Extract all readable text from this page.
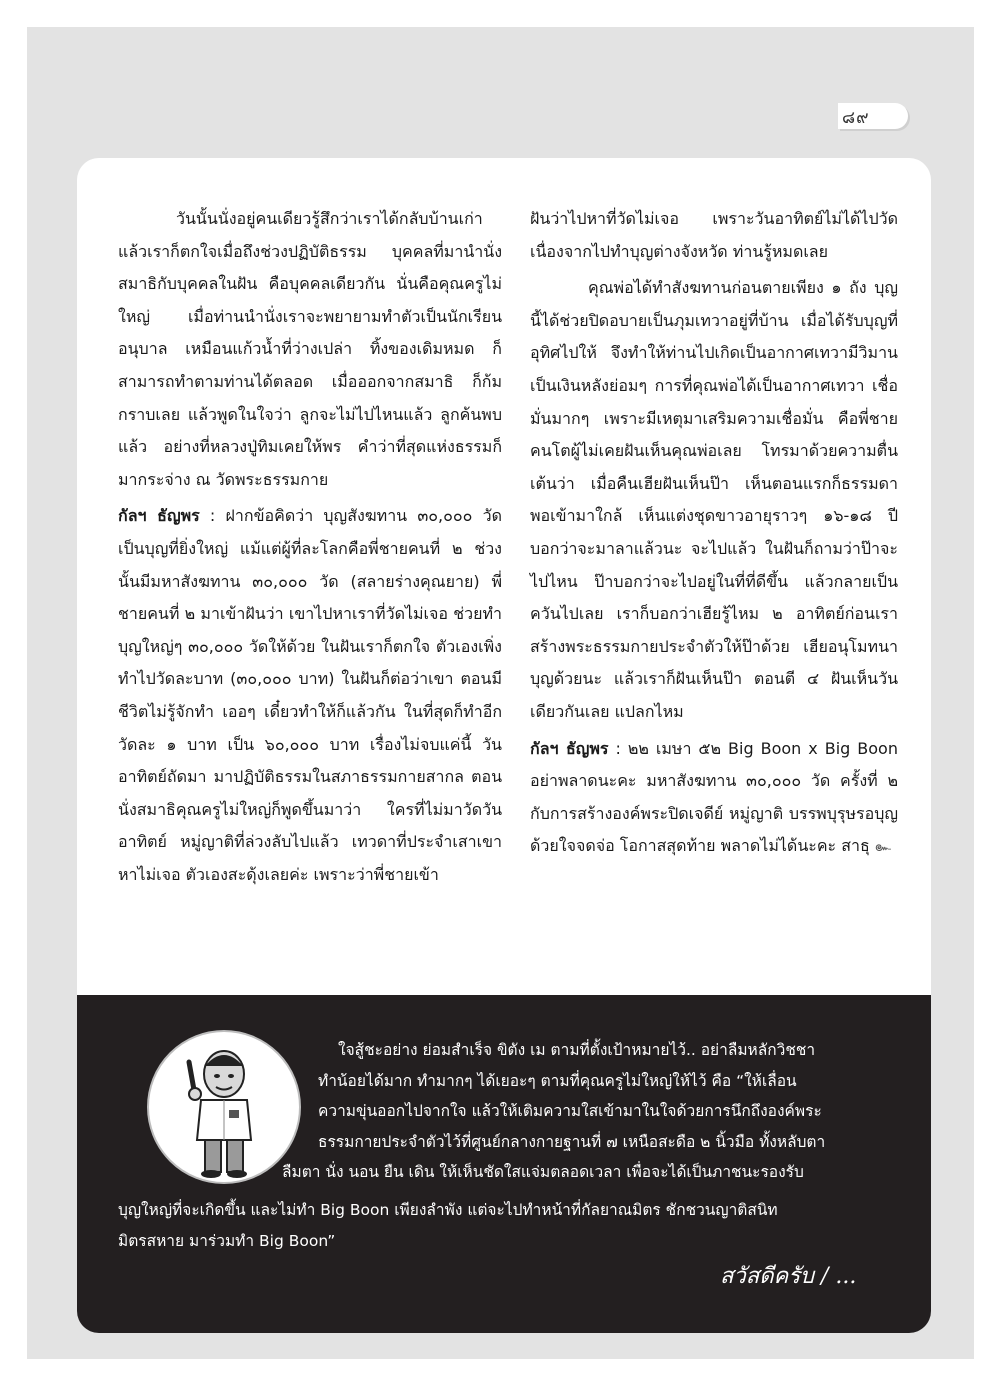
๘๙

วันนั้นนั่งอยู่คนเดียวรู้สึกว่าเราได้กลับบ้านเก่า แล้วเราก็ตกใจเมื่อถึงช่วงปฏิบัติธรรม บุคคลที่มานำนั่งสมาธิกับบุคคลในฝัน คือบุคคลเดียวกัน นั่นคือคุณครูไม่ใหญ่ เมื่อท่านนำนั่งเราจะพยายามทำตัวเป็นนักเรียนอนุบาล เหมือนแก้วน้ำที่ว่างเปล่า ทิ้งของเดิมหมด ก็สามารถทำตามท่านได้ตลอด เมื่อออกจากสมาธิ ก็ก้มกราบเลย แล้วพูดในใจว่า ลูกจะไม่ไปไหนแล้ว ลูกค้นพบแล้ว อย่างที่หลวงปู่ทิมเคยให้พร คำว่าที่สุดแห่งธรรมก็มากระจ่าง ณ วัดพระธรรมกาย

กัลฯ ธัญพร : ฝากข้อคิดว่า บุญสังฆทาน ๓๐,๐๐๐ วัด เป็นบุญที่ยิ่งใหญ่ แม้แต่ผู้ที่ละโลกคือพี่ชายคนที่ ๒ ช่วงนั้นมีมหาสังฆทาน ๓๐,๐๐๐ วัด (สลายร่างคุณยาย) พี่ชายคนที่ ๒ มาเข้าฝันว่า เขาไปหาเราที่วัดไม่เจอ ช่วยทำบุญใหญ่ๆ ๓๐,๐๐๐ วัดให้ด้วย ในฝันเราก็ตกใจ ตัวเองเพิ่งทำไปวัดละบาท (๓๐,๐๐๐ บาท) ในฝันก็ต่อว่าเขา ตอนมีชีวิตไม่รู้จักทำ เออๆ เดี๋ยวทำให้ก็แล้วกัน ในที่สุดก็ทำอีกวัดละ ๑ บาท เป็น ๖๐,๐๐๐ บาท เรื่องไม่จบแค่นี้ วันอาทิตย์ถัดมา มาปฏิบัติธรรมในสภาธรรมกายสากล ตอนนั่งสมาธิคุณครูไม่ใหญ่ก็พูดขึ้นมาว่า ใครที่ไม่มาวัดวันอาทิตย์ หมู่ญาติที่ล่วงลับไปแล้ว เทวดาที่ประจำเสาเขาหาไม่เจอ ตัวเองสะดุ้งเลยค่ะ เพราะว่าพี่ชายเข้า

ฝันว่าไปหาที่วัดไม่เจอ เพราะวันอาทิตย์ไม่ได้ไปวัด เนื่องจากไปทำบุญต่างจังหวัด ท่านรู้หมดเลย

คุณพ่อได้ทำสังฆทานก่อนตายเพียง ๑ ถัง บุญนี้ได้ช่วยปิดอบายเป็นภุมเทวาอยู่ที่บ้าน เมื่อได้รับบุญที่อุทิศไปให้ จึงทำให้ท่านไปเกิดเป็นอากาศเทวามีวิมานเป็นเงินหลังย่อมๆ การที่คุณพ่อได้เป็นอากาศเทวา เชื่อมั่นมากๆ เพราะมีเหตุมาเสริมความเชื่อมั่น คือพี่ชายคนโตผู้ไม่เคยฝันเห็นคุณพ่อเลย โทรมาด้วยความตื่นเต้นว่า เมื่อคืนเฮียฝันเห็นป๊า เห็นตอนแรกก็ธรรมดา พอเข้ามาใกล้ เห็นแต่งชุดขาวอายุราวๆ ๑๖-๑๘ ปี บอกว่าจะมาลาแล้วนะ จะไปแล้ว ในฝันก็ถามว่าป๊าจะไปไหน ป๊าบอกว่าจะไปอยู่ในที่ที่ดีขึ้น แล้วกลายเป็นควันไปเลย เราก็บอกว่าเฮียรู้ไหม ๒ อาทิตย์ก่อนเราสร้างพระธรรมกายประจำตัวให้ป๊าด้วย เฮียอนุโมทนาบุญด้วยนะ แล้วเราก็ฝันเห็นป๊า ตอนตี ๔ ฝันเห็นวันเดียวกันเลย แปลกไหม

กัลฯ ธัญพร : ๒๒ เมษา ๕๒ Big Boon x Big Boon อย่าพลาดนะคะ มหาสังฆทาน ๓๐,๐๐๐ วัด ครั้งที่ ๒ กับการสร้างองค์พระปิดเจดีย์ หมู่ญาติ บรรพบุรุษรอบุญด้วยใจจดจ่อ โอกาสสุดท้าย พลาดไม่ได้นะคะ สาธุ ๛

ใจสู้ชะอย่าง ย่อมสำเร็จ ขิตัง เม ตามที่ตั้งเป้าหมายไว้.. อย่าลืมหลักวิชชา
ทำน้อยได้มาก ทำมากๆ ได้เยอะๆ ตามที่คุณครูไม่ใหญ่ให้ไว้ คือ “ให้เลื่อน
ความขุ่นออกไปจากใจ แล้วให้เติมความใสเข้ามาในใจด้วยการนึกถึงองค์พระ
ธรรมกายประจำตัวไว้ที่ศูนย์กลางกายฐานที่ ๗ เหนือสะดือ ๒ นิ้วมือ ทั้งหลับตา
ลืมตา นั่ง นอน ยืน เดิน ให้เห็นชัดใสแจ่มตลอดเวลา เพื่อจะได้เป็นภาชนะรองรับ
บุญใหญ่ที่จะเกิดขึ้น และไม่ทำ Big Boon เพียงลำพัง แต่จะไปทำหน้าที่กัลยาณมิตร ชักชวนญาติสนิท
มิตรสหาย มาร่วมทำ Big Boon”
สวัสดีครับ / ...
